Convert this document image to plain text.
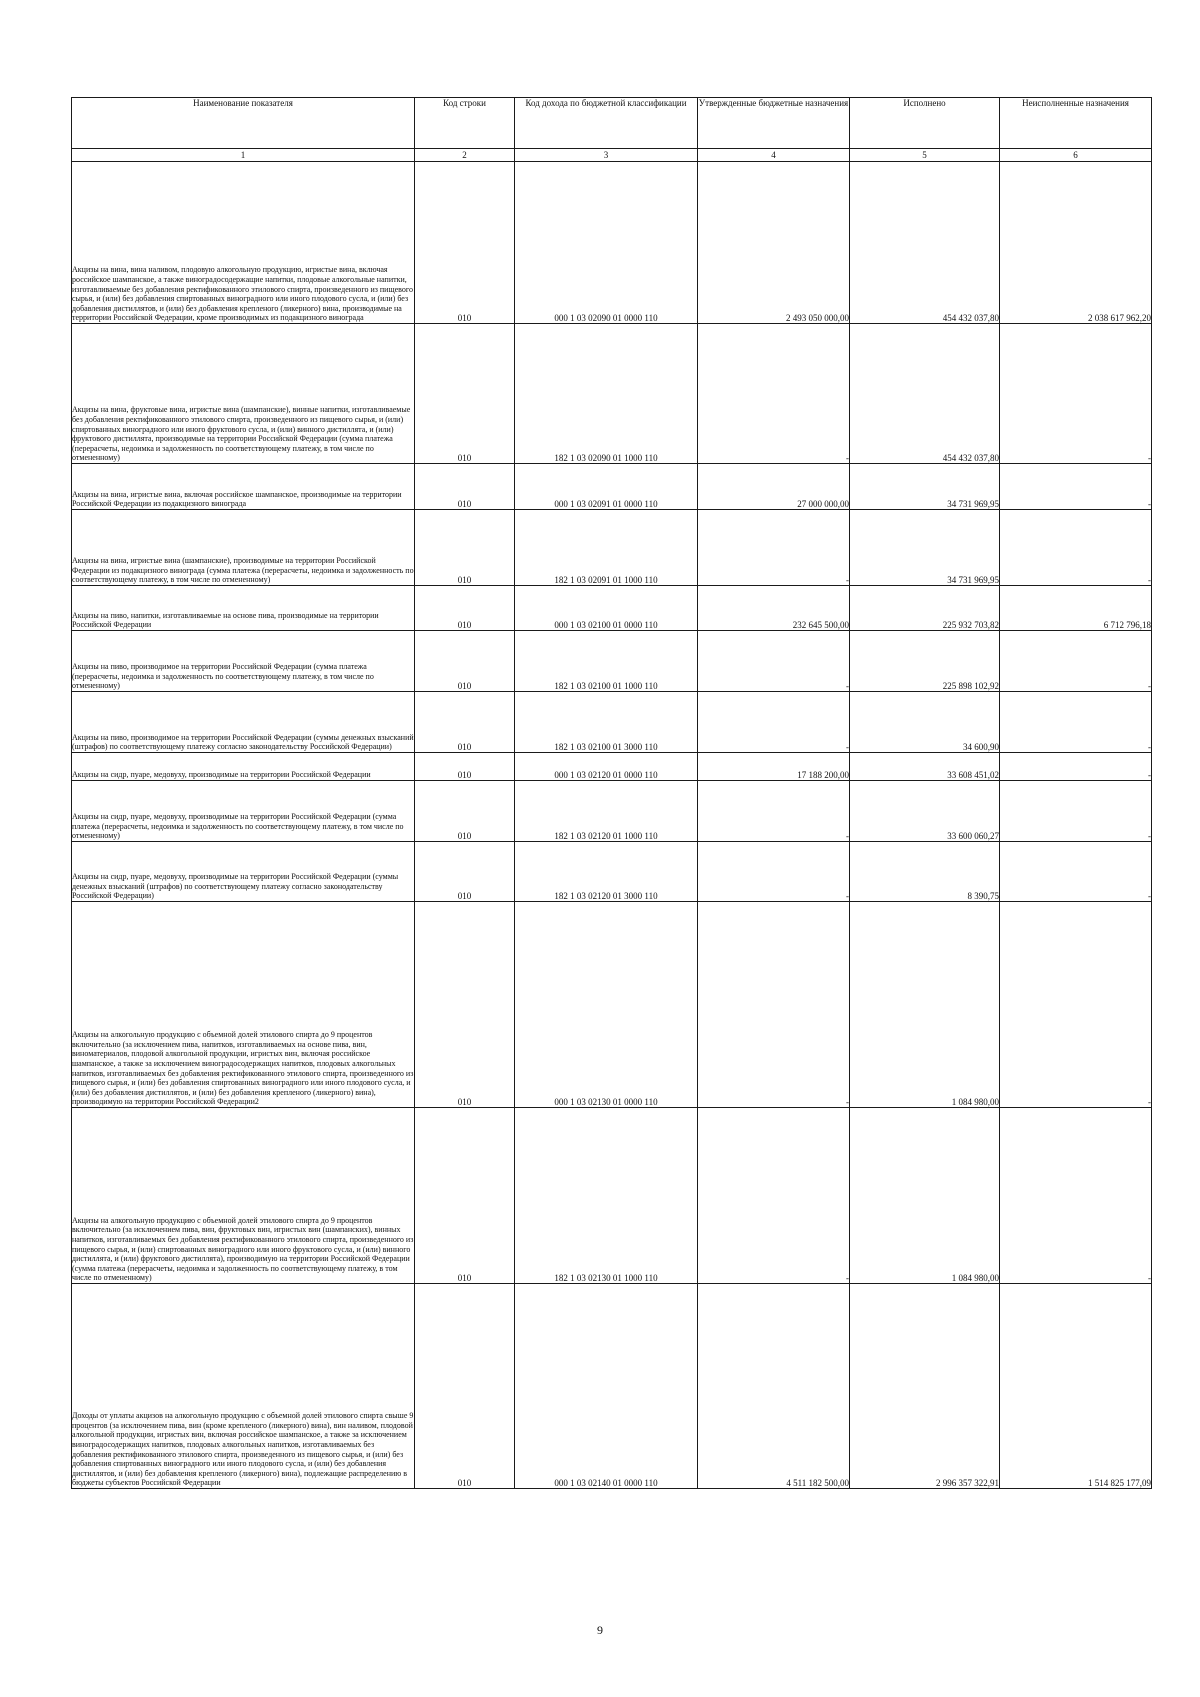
Наименование показателя	Код строки	Код дохода по бюджетной классификации	Утвержденные бюджетные назначения	Исполнено	Неисполненные назначения
1	2	3	4	5	6
Акцизы на вина, вина наливом, плодовую алкогольную продукцию, игристые вина, включая российское шампанское, а также виноградосодержащие напитки, плодовые алкогольные напитки, изготавливаемые без добавления ректификованного этилового спирта, произведенного из пищевого сырья, и (или) без добавления спиртованных виноградного или иного плодового сусла, и (или) без добавления дистиллятов, и (или) без добавления крепленого (ликерного) вина, производимые на территории Российской Федерации, кроме производимых из подакцизного винограда	010	000 1 03 02090 01 0000 110	2 493 050 000,00	454 432 037,80	2 038 617 962,20
Акцизы на вина, фруктовые вина, игристые вина (шампанские), винные напитки, изготавливаемые без добавления ректификованного этилового спирта, произведенного из пищевого сырья, и (или) спиртованных виноградного или иного фруктового сусла, и (или) винного дистиллята, и (или) фруктового дистиллята, производимые на территории Российской Федерации (сумма платежа (перерасчеты, недоимка и задолженность по соответствующему платежу, в том числе по отмененному)	010	182 1 03 02090 01 1000 110	-	454 432 037,80	-
Акцизы на вина, игристые вина, включая российское шампанское, производимые на территории Российской Федерации из подакцизного винограда	010	000 1 03 02091 01 0000 110	27 000 000,00	34 731 969,95	-
Акцизы на вина, игристые вина (шампанские), производимые на территории Российской Федерации из подакцизного винограда (сумма платежа (перерасчеты, недоимка и задолженность по соответствующему платежу, в том числе по отмененному)	010	182 1 03 02091 01 1000 110	-	34 731 969,95	-
Акцизы на пиво, напитки, изготавливаемые на основе пива, производимые на территории Российской Федерации	010	000 1 03 02100 01 0000 110	232 645 500,00	225 932 703,82	6 712 796,18
Акцизы на пиво, производимое на территории Российской Федерации (сумма платежа (перерасчеты, недоимка и задолженность по соответствующему платежу, в том числе по отмененному)	010	182 1 03 02100 01 1000 110	-	225 898 102,92	-
Акцизы на пиво, производимое на территории Российской Федерации (суммы денежных взысканий (штрафов) по соответствующему платежу согласно законодательству Российской Федерации)	010	182 1 03 02100 01 3000 110	-	34 600,90	-
Акцизы на сидр, пуаре, медовуху, производимые на территории Российской Федерации	010	000 1 03 02120 01 0000 110	17 188 200,00	33 608 451,02	-
Акцизы на сидр, пуаре, медовуху, производимые на территории Российской Федерации (сумма платежа (перерасчеты, недоимка и задолженность по соответствующему платежу, в том числе по отмененному)	010	182 1 03 02120 01 1000 110	-	33 600 060,27	-
Акцизы на сидр, пуаре, медовуху, производимые на территории Российской Федерации (суммы денежных взысканий (штрафов) по соответствующему платежу согласно законодательству Российской Федерации)	010	182 1 03 02120 01 3000 110	-	8 390,75	-
Акцизы на алкогольную продукцию с объемной долей этилового спирта до 9 процентов включительно (за исключением пива, напитков, изготавливаемых на основе пива, вин, виноматериалов, плодовой алкогольной продукции, игристых вин, включая российское шампанское, а также за исключением виноградосодержащих напитков, плодовых алкогольных напитков, изготавливаемых без добавления ректификованного этилового спирта, произведенного из пищевого сырья, и (или) без добавления спиртованных виноградного или иного плодового сусла, и (или) без добавления дистиллятов, и (или) без добавления крепленого (ликерного) вина), производимую на территории Российской Федерации2	010	000 1 03 02130 01 0000 110	-	1 084 980,00	-
Акцизы на алкогольную продукцию с объемной долей этилового спирта до 9 процентов включительно (за исключением пива, вин, фруктовых вин, игристых вин (шампанских), винных напитков, изготавливаемых без добавления ректификованного этилового спирта, произведенного из пищевого сырья, и (или) спиртованных виноградного или иного фруктового сусла, и (или) винного дистиллята, и (или) фруктового дистиллята), производимую на территории Российской Федерации (сумма платежа (перерасчеты, недоимка и задолженность по соответствующему платежу, в том числе по отмененному)	010	182 1 03 02130 01 1000 110	-	1 084 980,00	-
Доходы от уплаты акцизов на алкогольную продукцию с объемной долей этилового спирта свыше 9 процентов (за исключением пива, вин (кроме крепленого (ликерного) вина), вин наливом, плодовой алкогольной продукции, игристых вин, включая российское шампанское, а также за исключением виноградосодержащих напитков, плодовых алкогольных напитков, изготавливаемых без добавления ректификованного этилового спирта, произведенного из пищевого сырья, и (или) без добавления спиртованных виноградного или иного плодового сусла, и (или) без добавления дистиллятов, и (или) без добавления крепленого (ликерного) вина), подлежащие распределению в бюджеты субъектов Российской Федерации	010	000 1 03 02140 01 0000 110	4 511 182 500,00	2 996 357 322,91	1 514 825 177,09
9
